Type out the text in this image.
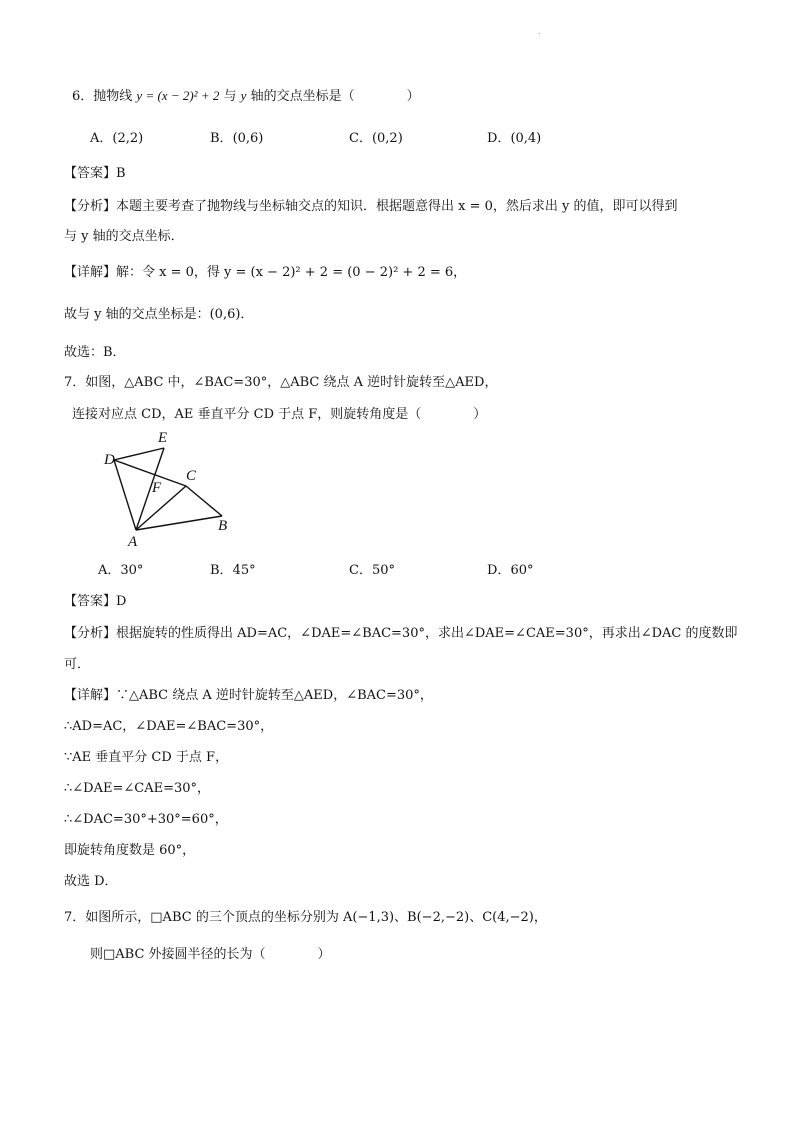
.
6．抛物线 y = (x − 2)² + 2 与 y 轴的交点坐标是（　　　　）
A．(2,2)	B．(0,6)	C．(0,2)	D．(0,4)
【答案】B
【分析】本题主要考查了抛物线与坐标轴交点的知识．根据题意得出 x = 0，然后求出 y 的值，即可以得到
与 y 轴的交点坐标．
【详解】解：令 x = 0，得 y = (x − 2)² + 2 = (0 − 2)² + 2 = 6，
故与 y 轴的交点坐标是：(0,6)．
故选：B．
7．如图，△ABC 中，∠BAC=30°，△ABC 绕点 A 逆时针旋转至△AED，
连接对应点 CD，AE 垂直平分 CD 于点 F，则旋转角度是（　　　　）
D
E
C
F
A
B
A．30°	B．45°	C．50°	D．60°
【答案】D
【分析】根据旋转的性质得出 AD=AC，∠DAE=∠BAC=30°，求出∠DAE=∠CAE=30°，再求出∠DAC 的度数即
可．
【详解】∵△ABC 绕点 A 逆时针旋转至△AED，∠BAC=30°，
∴AD=AC，∠DAE=∠BAC=30°，
∵AE 垂直平分 CD 于点 F，
∴∠DAE=∠CAE=30°，
∴∠DAC=30°+30°=60°，
即旋转角度数是 60°，
故选 D．
7．如图所示，□ABC 的三个顶点的坐标分别为 A(−1,3)、B(−2,−2)、C(4,−2)，
则□ABC 外接圆半径的长为（　　　　）
